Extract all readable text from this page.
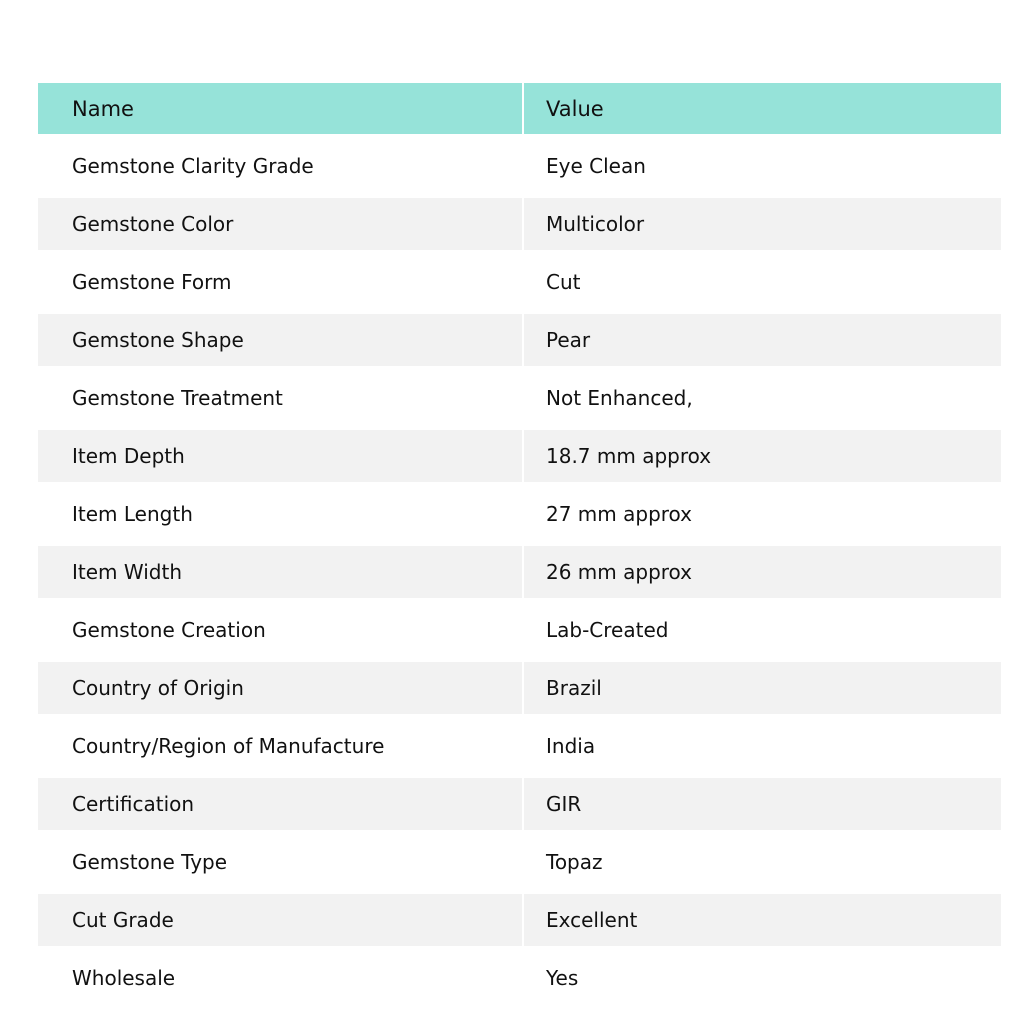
Name	Value
Gemstone Clarity Grade	Eye Clean
Gemstone Color	Multicolor
Gemstone Form	Cut
Gemstone Shape	Pear
Gemstone Treatment	Not Enhanced,
Item Depth	18.7 mm approx
Item Length	27 mm approx
Item Width	26 mm approx
Gemstone Creation	Lab-Created
Country of Origin	Brazil
Country/Region of Manufacture	India
Certification	GIR
Gemstone Type	Topaz
Cut Grade	Excellent
Wholesale	Yes
